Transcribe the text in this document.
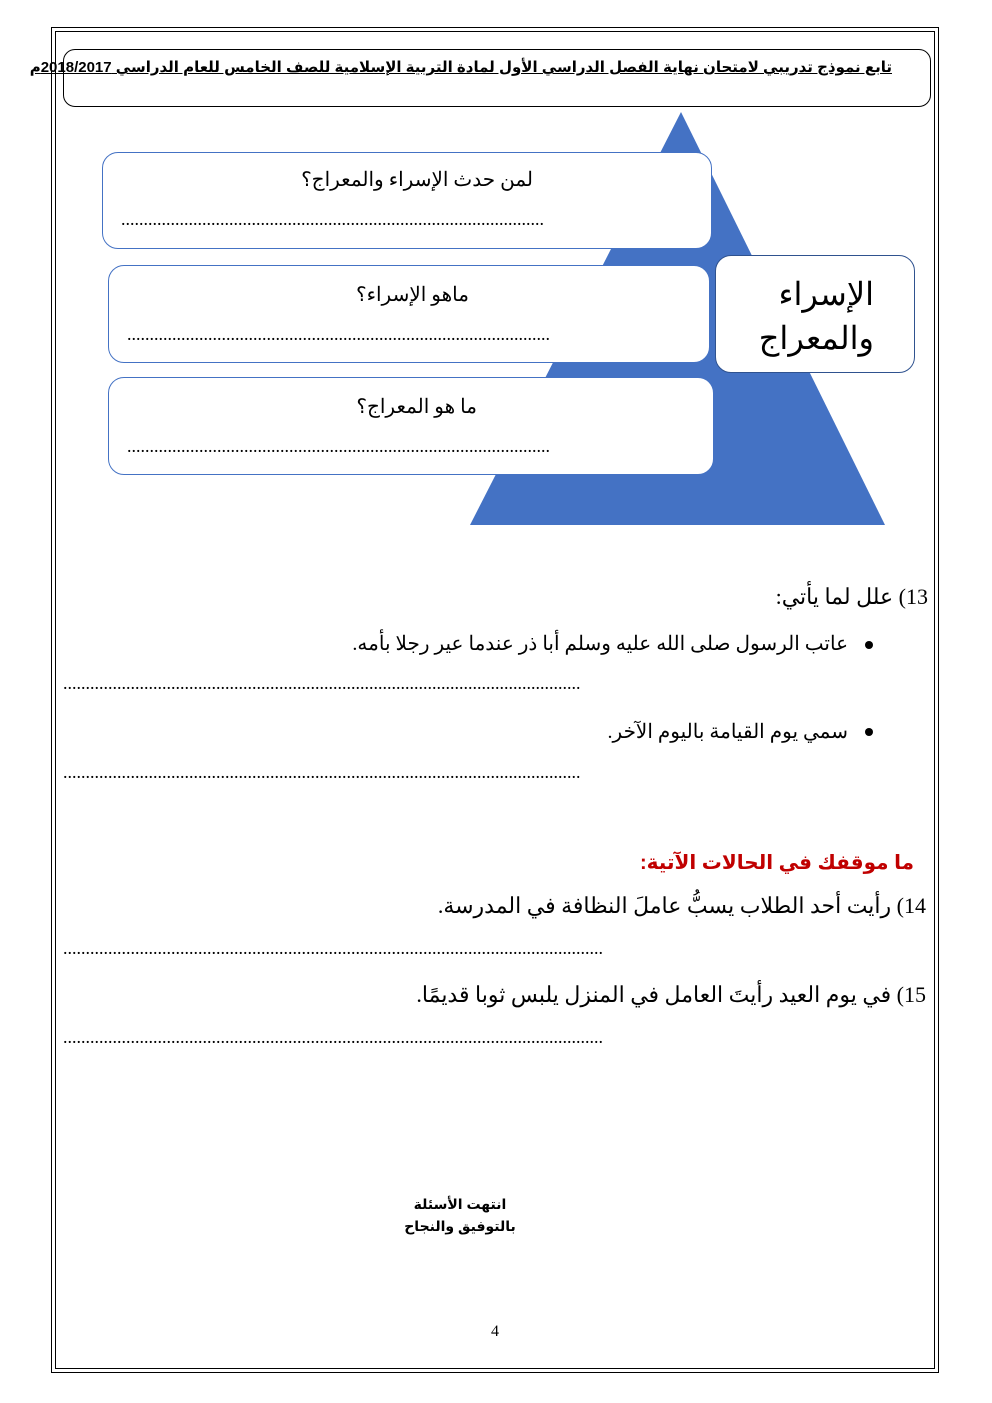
تابع نموذج تدريبي لامتحان نهاية الفصل الدراسي الأول لمادة التربية الإسلامية للصف الخامس للعام الدراسي 2018/2017م
لمن حدث الإسراء والمعراج؟
..............................................................................................
ماهو الإسراء؟
..............................................................................................
ما هو المعراج؟
..............................................................................................
الإسراء والمعراج
13) علل لما يأتي:
عاتب الرسول صلى الله عليه وسلم أبا ذر عندما عير رجلا بأمه.
...................................................................................................................
سمي يوم القيامة باليوم الآخر.
...................................................................................................................
ما موقفك في الحالات الآتية:
14) رأيت أحد الطلاب يسبُّ عاملَ النظافة في المدرسة.
........................................................................................................................
15) في يوم العيد رأيتَ العامل في المنزل يلبس ثوبا قديمًا.
........................................................................................................................
انتهت الأسئلة
بالتوفيق والنجاح
4
